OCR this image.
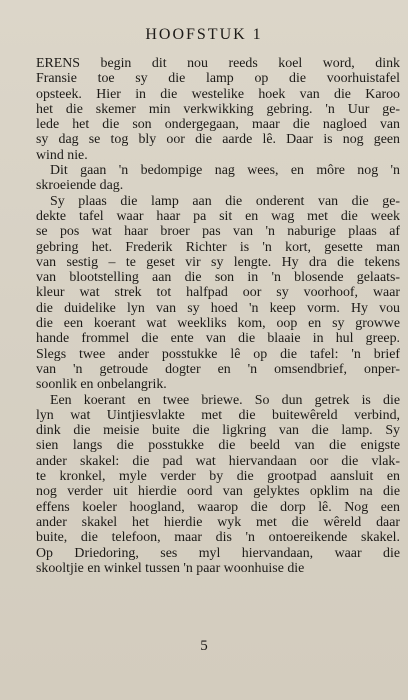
HOOFSTUK 1
ERENS begin dit nou reeds koel word, dink
Fransie toe sy die lamp op die voorhuistafel
opsteek. Hier in die westelike hoek van die Karoo
het die skemer min verkwikking gebring. 'n Uur ge-
lede het die son ondergegaan, maar die nagloed van
sy dag se tog bly oor die aarde lê. Daar is nog geen
wind nie.
Dit gaan 'n bedompige nag wees, en môre nog 'n
skroeiende dag.
Sy plaas die lamp aan die onderent van die ge-
dekte tafel waar haar pa sit en wag met die week
se pos wat haar broer pas van 'n naburige plaas af
gebring het. Frederik Richter is 'n kort, gesette man
van sestig – te geset vir sy lengte. Hy dra die tekens
van blootstelling aan die son in 'n blosende gelaats-
kleur wat strek tot halfpad oor sy voorhoof, waar
die duidelike lyn van sy hoed 'n keep vorm. Hy vou
die een koerant wat weekliks kom, oop en sy growwe
hande frommel die ente van die blaaie in hul greep.
Slegs twee ander posstukke lê op die tafel: 'n brief
van 'n getroude dogter en 'n omsendbrief, onper-
soonlik en onbelangrik.
Een koerant en twee briewe. So dun getrek is die
lyn wat Uintjiesvlakte met die buitewêreld verbind,
dink die meisie buite die ligkring van die lamp. Sy
sien langs die posstukke die beeld van die enigste
ander skakel: die pad wat hiervandaan oor die vlak-
te kronkel, myle verder by die grootpad aansluit en
nog verder uit hierdie oord van gelyktes opklim na die
effens koeler hoogland, waarop die dorp lê. Nog een
ander skakel het hierdie wyk met die wêreld daar
buite, die telefoon, maar dis 'n ontoereikende skakel.
Op Driedoring, ses myl hiervandaan, waar die
skooltjie en winkel tussen 'n paar woonhuise die
5
